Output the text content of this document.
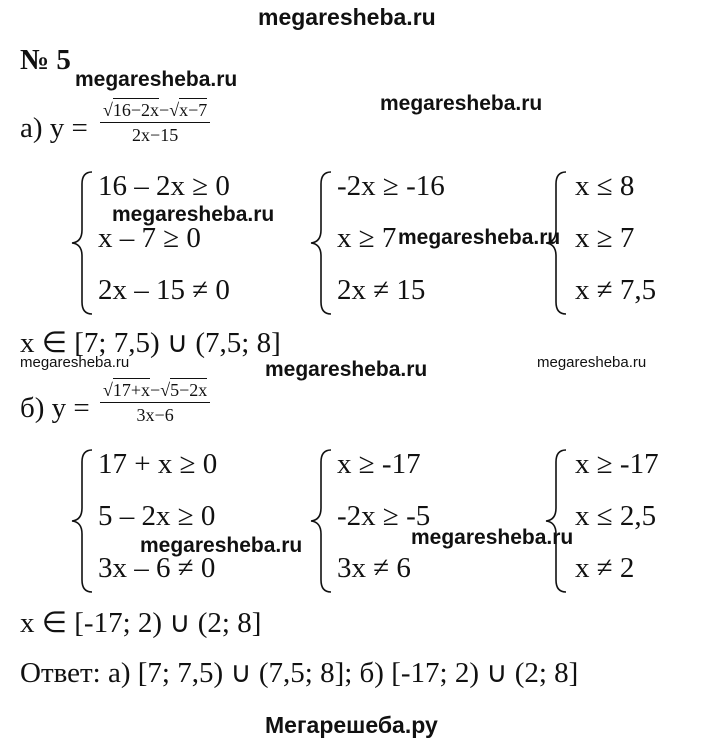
megaresheba.ru
Мегарешеба.ру
№ 5
megaresheba.ru
megaresheba.ru
megaresheba.ru
megaresheba.ru
megaresheba.ru	megaresheba.ru	megaresheba.ru
megaresheba.ru	megaresheba.ru
а) y =
√16−2x−√x−7
2x−15
16 – 2x ≥ 0
x – 7 ≥ 0
2x – 15 ≠ 0
-2x ≥ -16
x ≥ 7
2x ≠ 15
x ≤ 8
x ≥ 7
x ≠ 7,5
x ∈ [7; 7,5) ∪ (7,5; 8]
б) y =
√17+x−√5−2x
3x−6
17 + x ≥ 0
5 – 2x ≥ 0
3x – 6 ≠ 0
x ≥ -17
-2x ≥ -5
3x ≠ 6
x ≥ -17
x ≤ 2,5
x ≠ 2
x ∈ [-17; 2) ∪ (2; 8]
Ответ: а) [7; 7,5) ∪ (7,5; 8]; б) [-17; 2) ∪ (2; 8]
